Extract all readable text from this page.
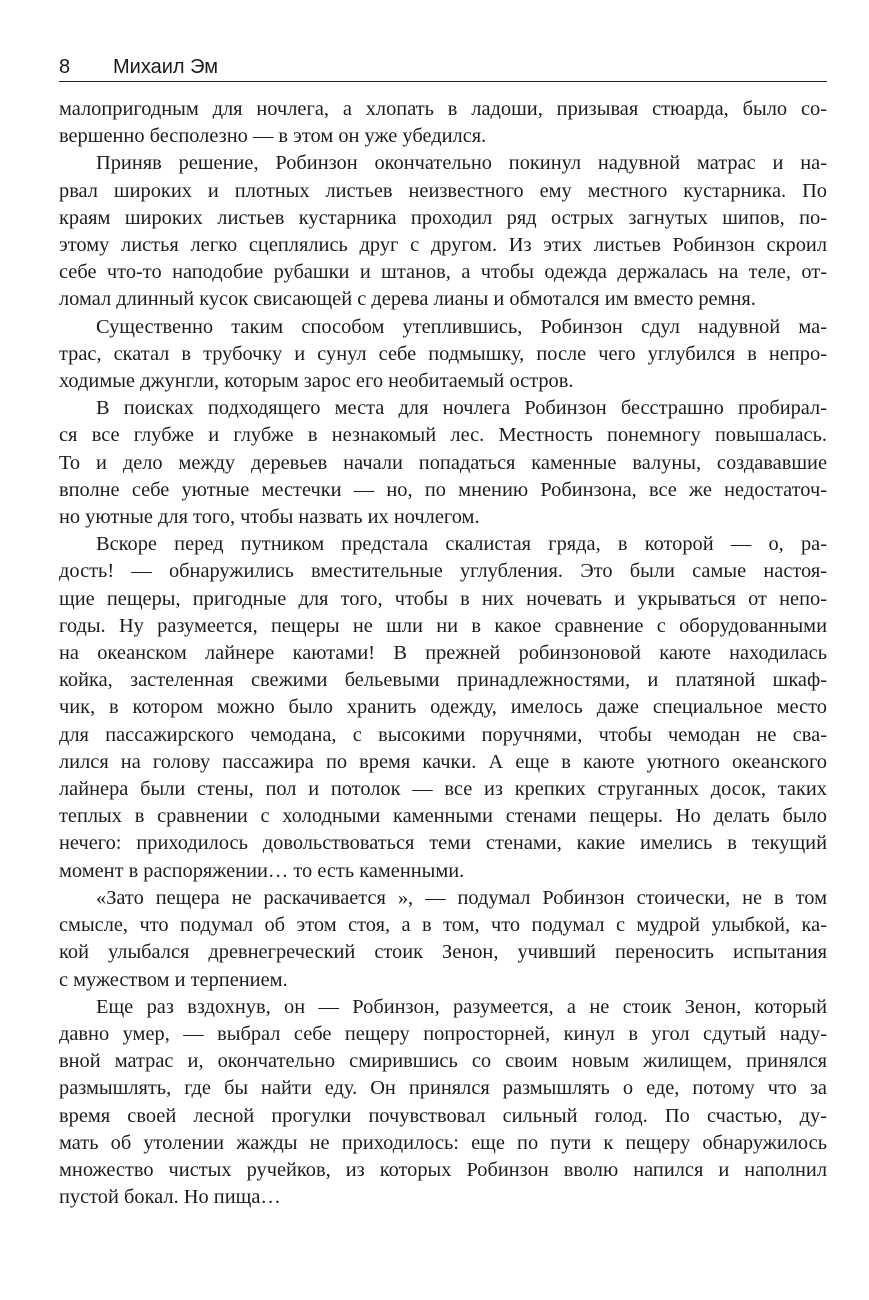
8	Михаил Эм

малопригодным для ночлега, а хлопать в ладоши, призывая стюарда, было со-
вершенно бесполезно — в этом он уже убедился.

Приняв решение, Робинзон окончательно покинул надувной матрас и на-
рвал широких и плотных листьев неизвестного ему местного кустарника. По
краям широких листьев кустарника проходил ряд острых загнутых шипов, по-
этому листья легко сцеплялись друг с другом. Из этих листьев Робинзон скроил
себе что-то наподобие рубашки и штанов, а чтобы одежда держалась на теле, от-
ломал длинный кусок свисающей с дерева лианы и обмотался им вместо ремня.

Существенно таким способом утеплившись, Робинзон сдул надувной ма-
трас, скатал в трубочку и сунул себе подмышку, после чего углубился в непро-
ходимые джунгли, которым зарос его необитаемый остров.

В поисках подходящего места для ночлега Робинзон бесстрашно пробирал-
ся все глубже и глубже в незнакомый лес. Местность понемногу повышалась.
То и дело между деревьев начали попадаться каменные валуны, создававшие
вполне себе уютные местечки — но, по мнению Робинзона, все же недостаточ-
но уютные для того, чтобы назвать их ночлегом.

Вскоре перед путником предстала скалистая гряда, в которой — о, ра-
дость! — обнаружились вместительные углубления. Это были самые настоя-
щие пещеры, пригодные для того, чтобы в них ночевать и укрываться от непо-
годы. Ну разумеется, пещеры не шли ни в какое сравнение с оборудованными
на океанском лайнере каютами! В прежней робинзоновой каюте находилась
койка, застеленная свежими бельевыми принадлежностями, и платяной шкаф-
чик, в котором можно было хранить одежду, имелось даже специальное место
для пассажирского чемодана, с высокими поручнями, чтобы чемодан не сва-
лился на голову пассажира по время качки. А еще в каюте уютного океанского
лайнера были стены, пол и потолок — все из крепких струганных досок, таких
теплых в сравнении с холодными каменными стенами пещеры. Но делать было
нечего: приходилось довольствоваться теми стенами, какие имелись в текущий
момент в распоряжении… то есть каменными.

«Зато пещера не раскачивается », — подумал Робинзон стоически, не в том
смысле, что подумал об этом стоя, а в том, что подумал с мудрой улыбкой, ка-
кой улыбался древнегреческий стоик Зенон, учивший переносить испытания
с мужеством и терпением.

Еще раз вздохнув, он — Робинзон, разумеется, а не стоик Зенон, который
давно умер, — выбрал себе пещеру попросторней, кинул в угол сдутый наду-
вной матрас и, окончательно смирившись со своим новым жилищем, принялся
размышлять, где бы найти еду. Он принялся размышлять о еде, потому что за
время своей лесной прогулки почувствовал сильный голод. По счастью, ду-
мать об утолении жажды не приходилось: еще по пути к пещеру обнаружилось
множество чистых ручейков, из которых Робинзон вволю напился и наполнил
пустой бокал. Но пища…
